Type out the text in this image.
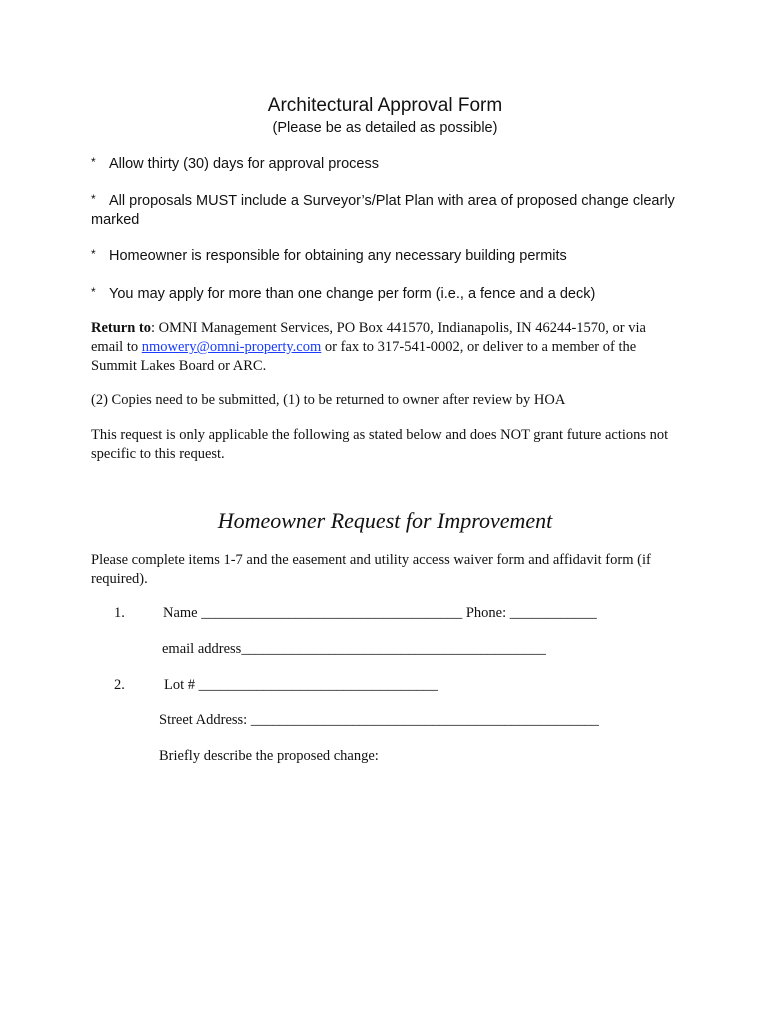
Architectural Approval Form
(Please be as detailed as possible)
* Allow thirty (30) days for approval process
* All proposals MUST include a Surveyor’s/Plat Plan with area of proposed change clearly marked
* Homeowner is responsible for obtaining any necessary building permits
* You may apply for more than one change per form (i.e., a fence and a deck)
Return to: OMNI Management Services, PO Box 441570, Indianapolis, IN 46244-1570, or via email to nmowery@omni-property.com or fax to 317-541-0002, or deliver to a member of the Summit Lakes Board or ARC.
(2) Copies need to be submitted, (1) to be returned to owner after review by HOA
This request is only applicable the following as stated below and does NOT grant future actions not specific to this request.
Homeowner Request for Improvement
Please complete items 1-7 and the easement and utility access waiver form and affidavit form (if required).
1.	Name ____________________________________ Phone: ____________
email address__________________________________________
2.	Lot # _________________________________
Street Address: ________________________________________________
Briefly describe the proposed change:
